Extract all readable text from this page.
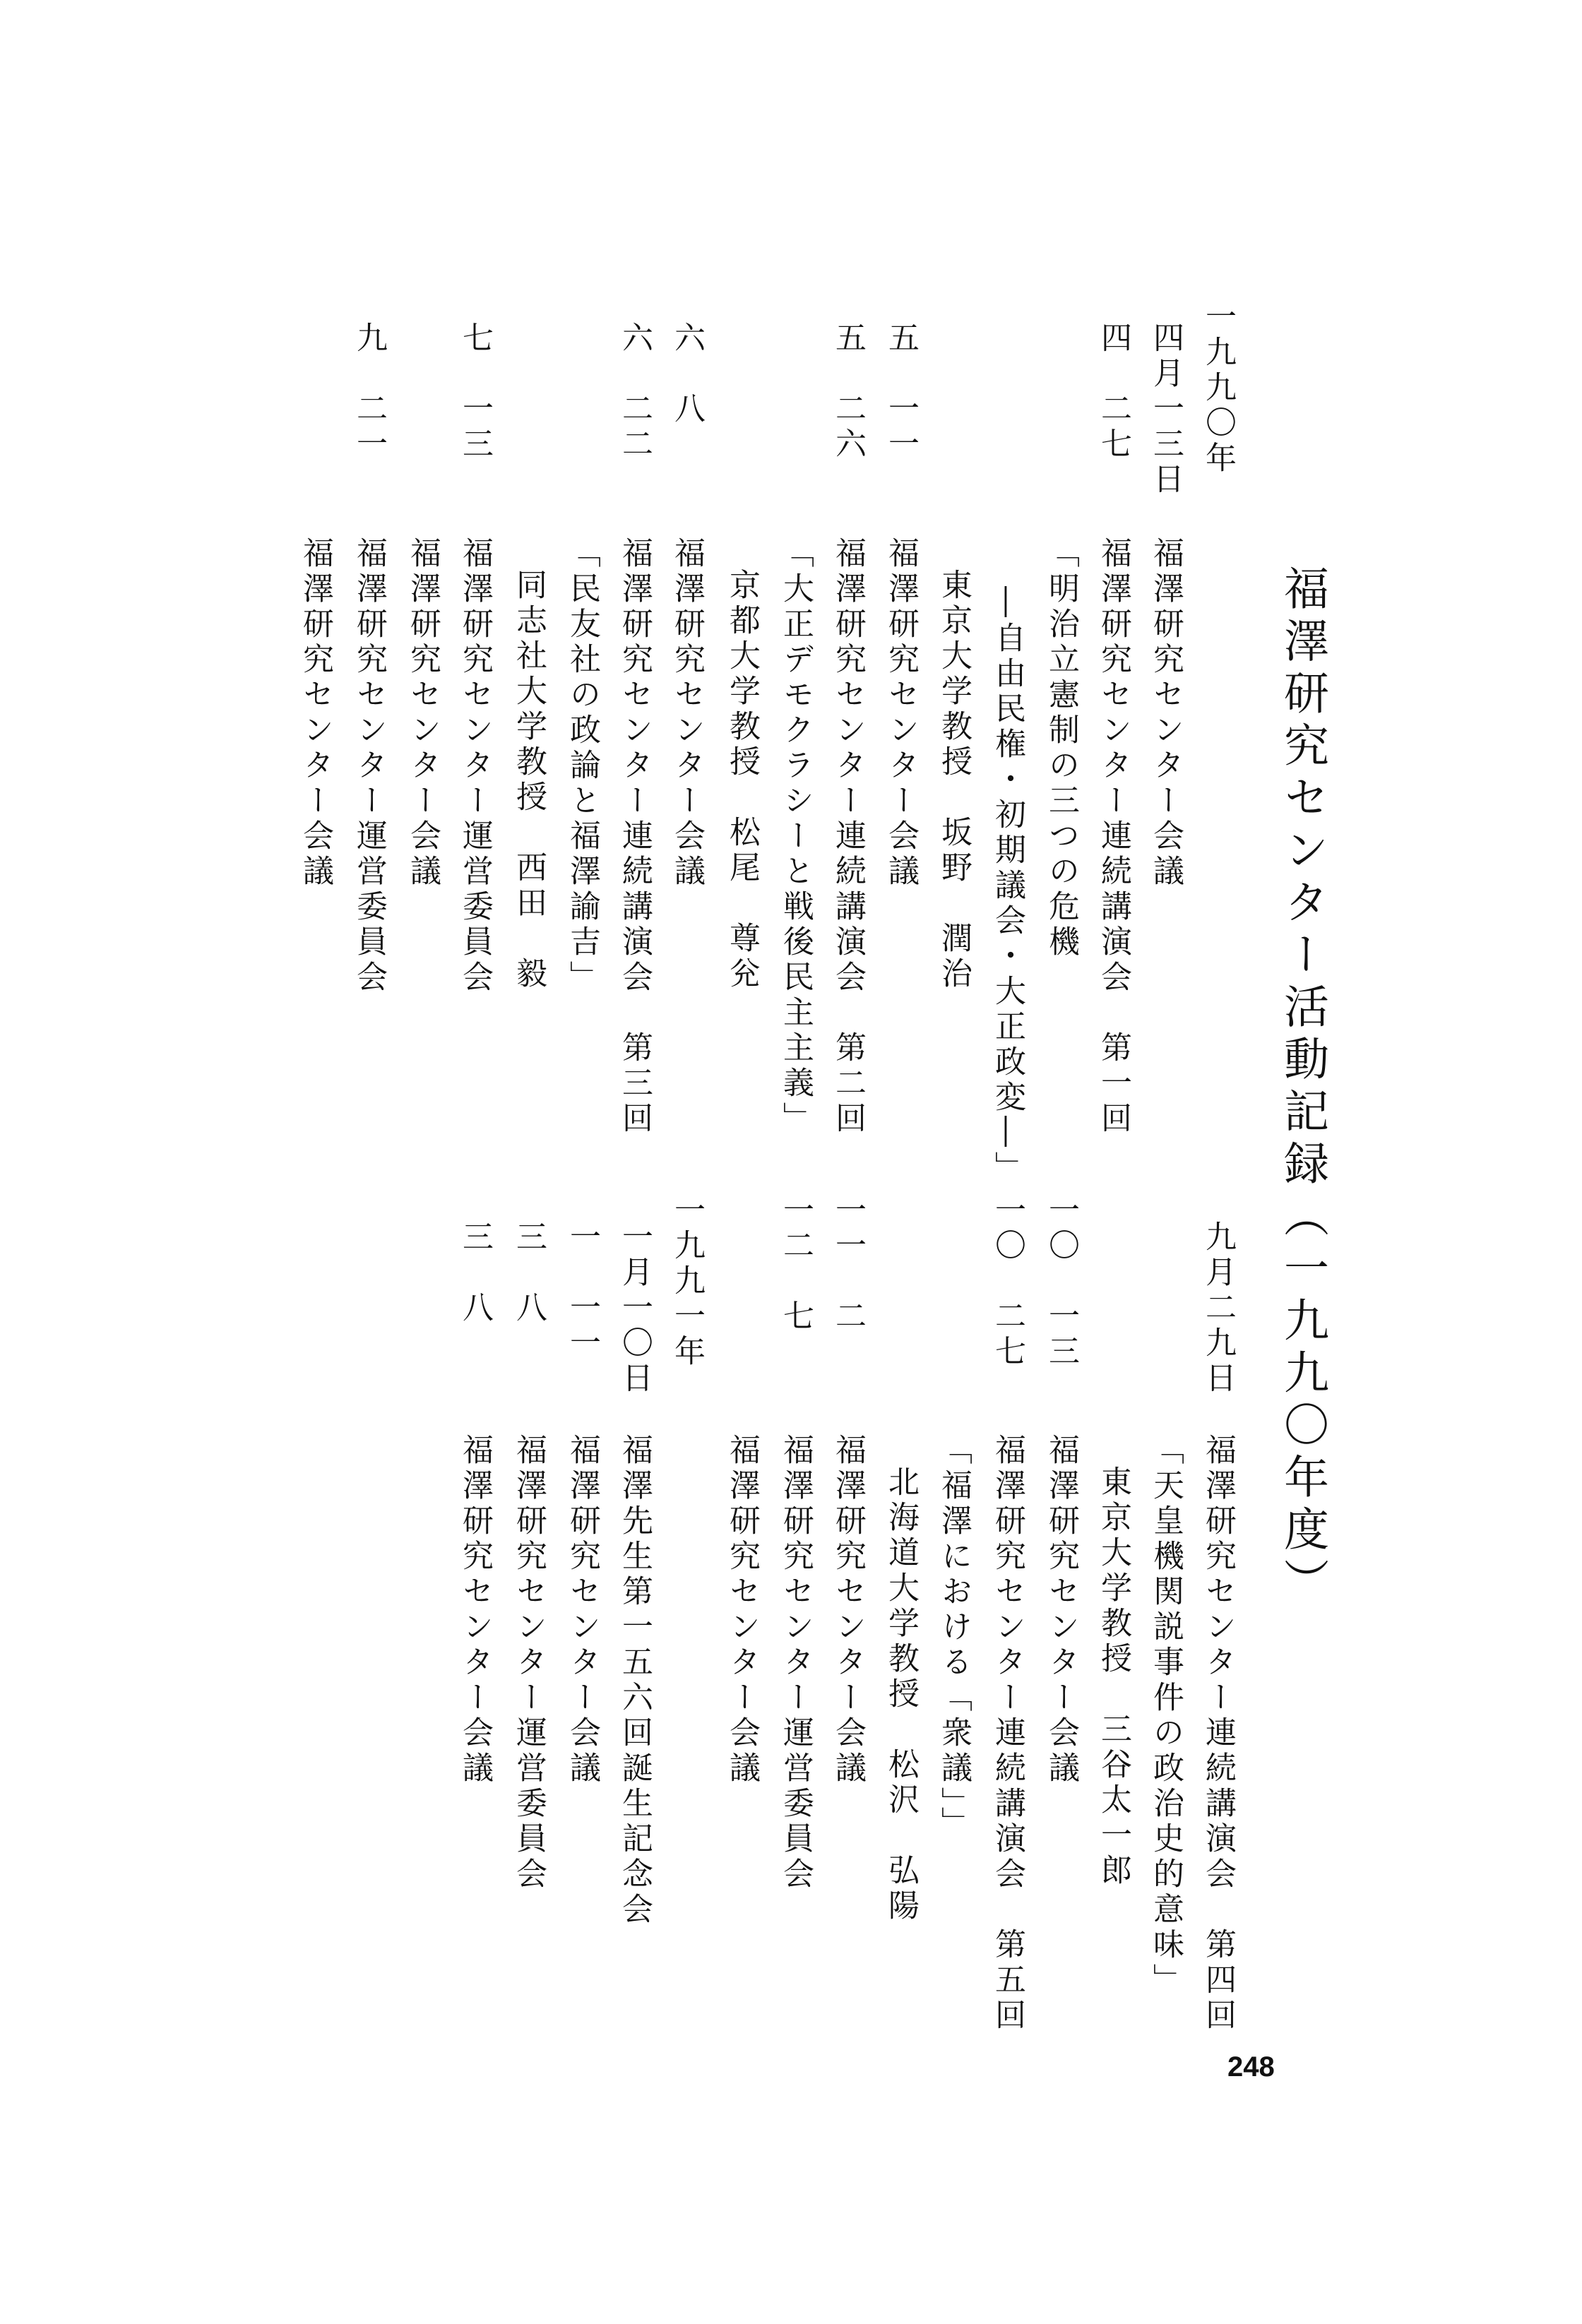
福澤研究センター活動記録（一九九〇年度）
一九九〇年
四月一三日
四　二七
五　一一
五　二六
六　八
六　二二
七　一三
九　二一
福澤研究センター会議
福澤研究センター連続講演会　第一回
「明治立憲制の三つの危機
―自由民権・初期議会・大正政変―」
東京大学教授　坂野　潤治
福澤研究センター会議
福澤研究センター連続講演会　第二回
「大正デモクラシーと戦後民主主義」
京都大学教授　松尾　尊兊
福澤研究センター会議
福澤研究センター連続講演会　第三回
「民友社の政論と福澤諭吉」
同志社大学教授　西田　毅
福澤研究センター運営委員会
福澤研究センター会議
福澤研究センター運営委員会
福澤研究センター会議
九月二九日
一〇　一三
一〇　二七
一一　二
一二　七
一九九一年
一月一〇日
一　一一
三　八
三　八
福澤研究センター連続講演会　第四回
「天皇機関説事件の政治史的意味」
東京大学教授　三谷太一郎
福澤研究センター会議
福澤研究センター連続講演会　第五回
「福澤における「衆議」」
北海道大学教授　松沢　弘陽
福澤研究センター会議
福澤研究センター運営委員会
福澤研究センター会議
福澤先生第一五六回誕生記念会
福澤研究センター会議
福澤研究センター運営委員会
福澤研究センター会議
248
